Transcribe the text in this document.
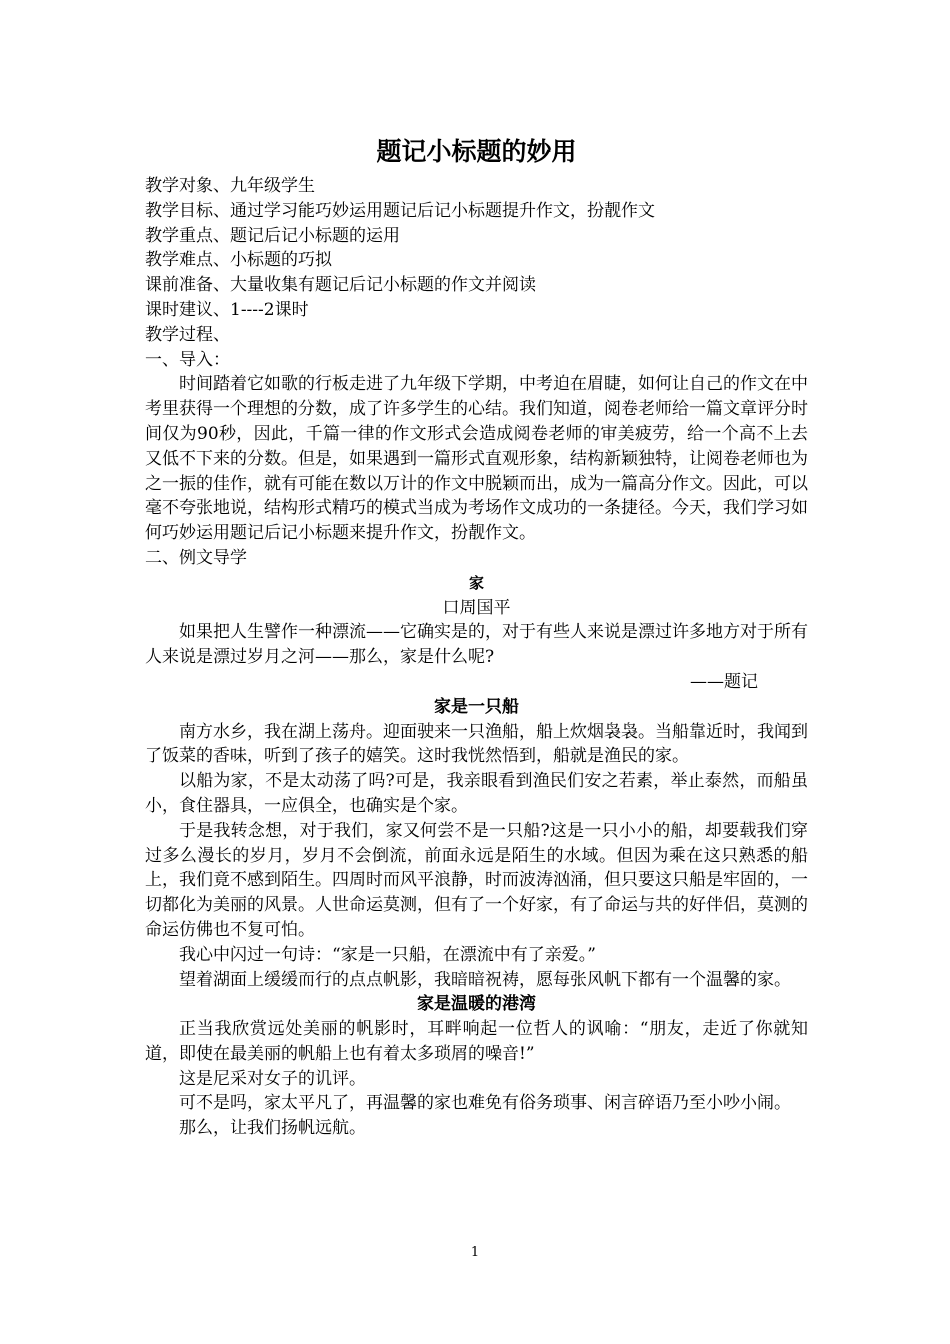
题记小标题的妙用

教学对象、九年级学生

教学目标、通过学习能巧妙运用题记后记小标题提升作文，扮靓作文

教学重点、题记后记小标题的运用

教学难点、小标题的巧拟

课前准备、大量收集有题记后记小标题的作文并阅读

课时建议、1----2课时

教学过程、

一、导入：

时间踏着它如歌的行板走进了九年级下学期，中考迫在眉睫，如何让自己的作文在中考里获得一个理想的分数，成了许多学生的心结。我们知道，阅卷老师给一篇文章评分时间仅为90秒，因此，千篇一律的作文形式会造成阅卷老师的审美疲劳，给一个高不上去又低不下来的分数。但是，如果遇到一篇形式直观形象，结构新颖独特，让阅卷老师也为之一振的佳作，就有可能在数以万计的作文中脱颖而出，成为一篇高分作文。因此，可以毫不夸张地说，结构形式精巧的模式当成为考场作文成功的一条捷径。今天，我们学习如何巧妙运用题记后记小标题来提升作文，扮靓作文。

二、例文导学

家

口周国平

如果把人生譬作一种漂流——它确实是的，对于有些人来说是漂过许多地方对于所有人来说是漂过岁月之河——那么，家是什么呢?

——题记

家是一只船

南方水乡，我在湖上荡舟。迎面驶来一只渔船，船上炊烟袅袅。当船靠近时，我闻到了饭菜的香味，听到了孩子的嬉笑。这时我恍然悟到，船就是渔民的家。

以船为家，不是太动荡了吗?可是，我亲眼看到渔民们安之若素，举止泰然，而船虽小，食住器具，一应俱全，也确实是个家。

于是我转念想，对于我们，家又何尝不是一只船?这是一只小小的船，却要载我们穿过多么漫长的岁月，岁月不会倒流，前面永远是陌生的水域。但因为乘在这只熟悉的船上，我们竟不感到陌生。四周时而风平浪静，时而波涛汹涌，但只要这只船是牢固的，一切都化为美丽的风景。人世命运莫测，但有了一个好家，有了命运与共的好伴侣，莫测的命运仿佛也不复可怕。

我心中闪过一句诗：“家是一只船，在漂流中有了亲爱。”

望着湖面上缓缓而行的点点帆影，我暗暗祝祷，愿每张风帆下都有一个温馨的家。

家是温暖的港湾

正当我欣赏远处美丽的帆影时，耳畔响起一位哲人的讽喻：“朋友，走近了你就知道，即使在最美丽的帆船上也有着太多琐屑的噪音!”

这是尼采对女子的讥评。

可不是吗，家太平凡了，再温馨的家也难免有俗务琐事、闲言碎语乃至小吵小闹。

那么，让我们扬帆远航。

1
